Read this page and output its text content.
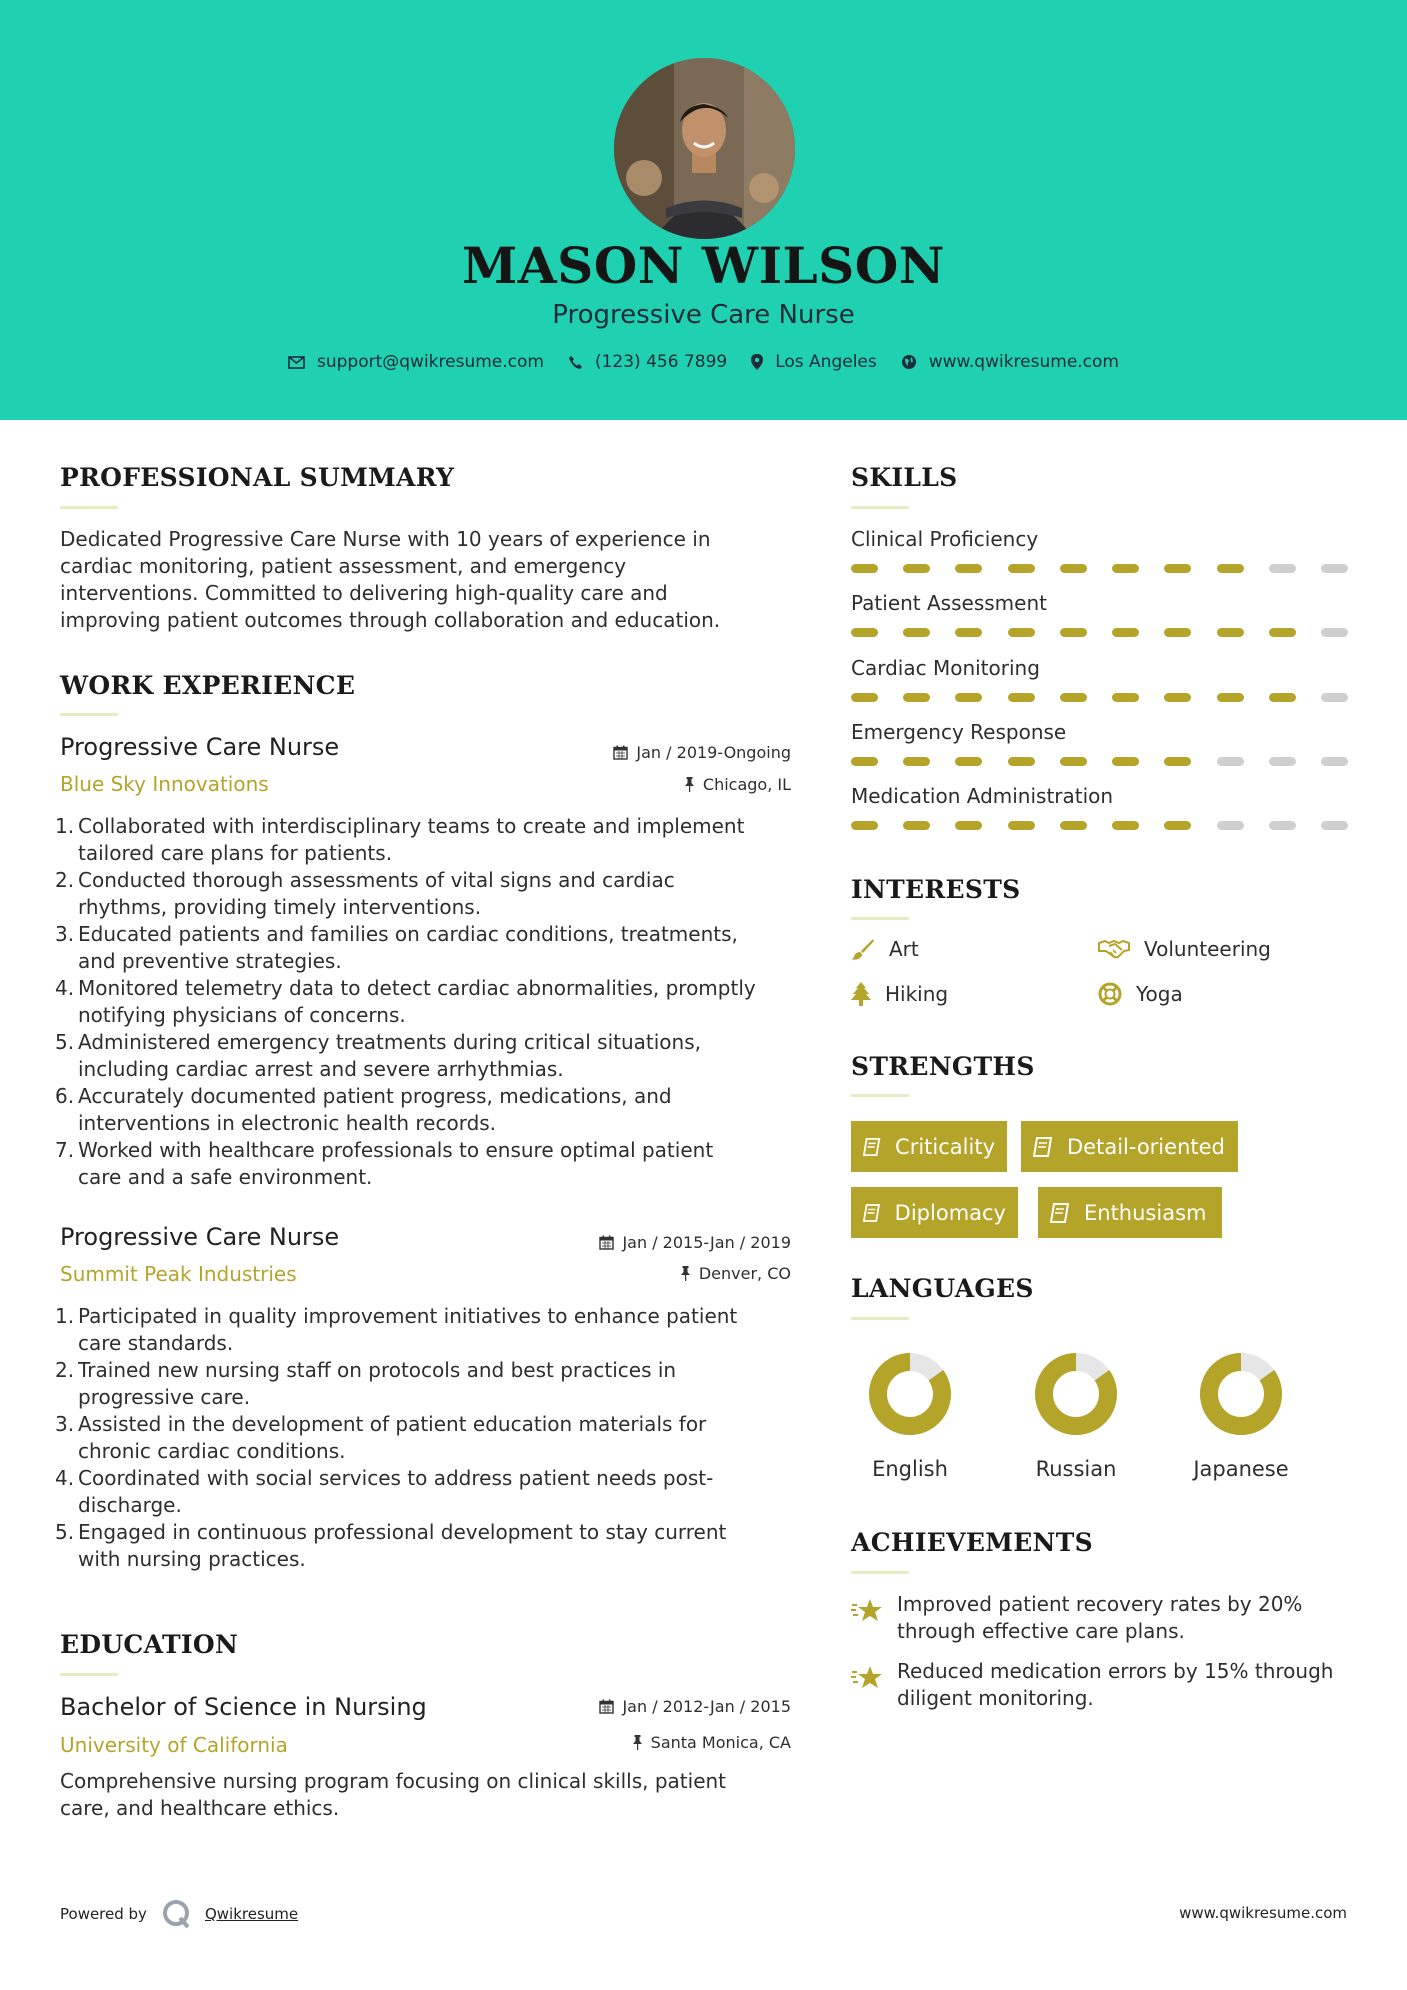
MASON WILSON
Progressive Care Nurse
support@qwikresume.com	(123) 456 7899	Los Angeles	www.qwikresume.com
PROFESSIONAL SUMMARY
Dedicated Progressive Care Nurse with 10 years of experience in
cardiac monitoring, patient assessment, and emergency
interventions. Committed to delivering high-quality care and
improving patient outcomes through collaboration and education.
WORK EXPERIENCE
Progressive Care Nurse
Blue Sky Innovations
Jan / 2019-Ongoing
Chicago, IL
1. Collaborated with interdisciplinary teams to create and implement
tailored care plans for patients.
2. Conducted thorough assessments of vital signs and cardiac
rhythms, providing timely interventions.
3. Educated patients and families on cardiac conditions, treatments,
and preventive strategies.
4. Monitored telemetry data to detect cardiac abnormalities, promptly
notifying physicians of concerns.
5. Administered emergency treatments during critical situations,
including cardiac arrest and severe arrhythmias.
6. Accurately documented patient progress, medications, and
interventions in electronic health records.
7. Worked with healthcare professionals to ensure optimal patient
care and a safe environment.
Progressive Care Nurse
Summit Peak Industries
Jan / 2015-Jan / 2019
Denver, CO
1. Participated in quality improvement initiatives to enhance patient
care standards.
2. Trained new nursing staff on protocols and best practices in
progressive care.
3. Assisted in the development of patient education materials for
chronic cardiac conditions.
4. Coordinated with social services to address patient needs post-
discharge.
5. Engaged in continuous professional development to stay current
with nursing practices.
EDUCATION
Bachelor of Science in Nursing
University of California
Jan / 2012-Jan / 2015
Santa Monica, CA
Comprehensive nursing program focusing on clinical skills, patient
care, and healthcare ethics.
SKILLS
Clinical Proficiency
Patient Assessment
Cardiac Monitoring
Emergency Response
Medication Administration
INTERESTS
Art	Volunteering
Hiking	Yoga
STRENGTHS
Criticality	Detail-oriented
Diplomacy	Enthusiasm
LANGUAGES
English	Russian	Japanese
ACHIEVEMENTS
Improved patient recovery rates by 20%
through effective care plans.
Reduced medication errors by 15% through
diligent monitoring.
Powered by	Qwikresume	www.qwikresume.com
